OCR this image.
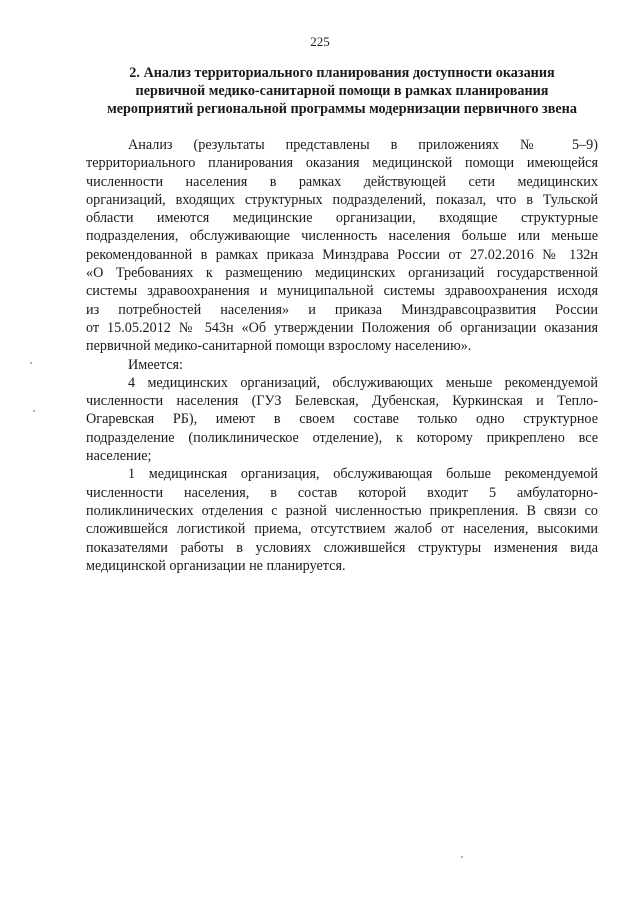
225
2. Анализ территориального планирования доступности оказания
первичной медико-санитарной помощи в рамках планирования
мероприятий региональной программы модернизации первичного звена

Анализ (результаты представлены в приложениях № 5–9)
территориального планирования оказания медицинской помощи имеющейся
численности населения в рамках действующей сети медицинских
организаций, входящих структурных подразделений, показал, что в Тульской
области имеются медицинские организации, входящие структурные
подразделения, обслуживающие численность населения больше или меньше
рекомендованной в рамках приказа Минздрава России от 27.02.2016 № 132н
«О Требованиях к размещению медицинских организаций государственной
системы здравоохранения и муниципальной системы здравоохранения исходя
из потребностей населения» и приказа Минздравсоцразвития России
от 15.05.2012 № 543н «Об утверждении Положения об организации оказания
первичной медико-санитарной помощи взрослому населению».

Имеется:

4 медицинских организаций, обслуживающих меньше рекомендуемой
численности населения (ГУЗ Белевская, Дубенская, Куркинская и Тепло-
Огаревская РБ), имеют в своем составе только одно структурное
подразделение (поликлиническое отделение), к которому прикреплено все
население;

1 медицинская организация, обслуживающая больше рекомендуемой
численности населения, в состав которой входит 5 амбулаторно-
поликлинических отделения с разной численностью прикрепления. В связи со
сложившейся логистикой приема, отсутствием жалоб от населения, высокими
показателями работы в условиях сложившейся структуры изменения вида
медицинской организации не планируется.
